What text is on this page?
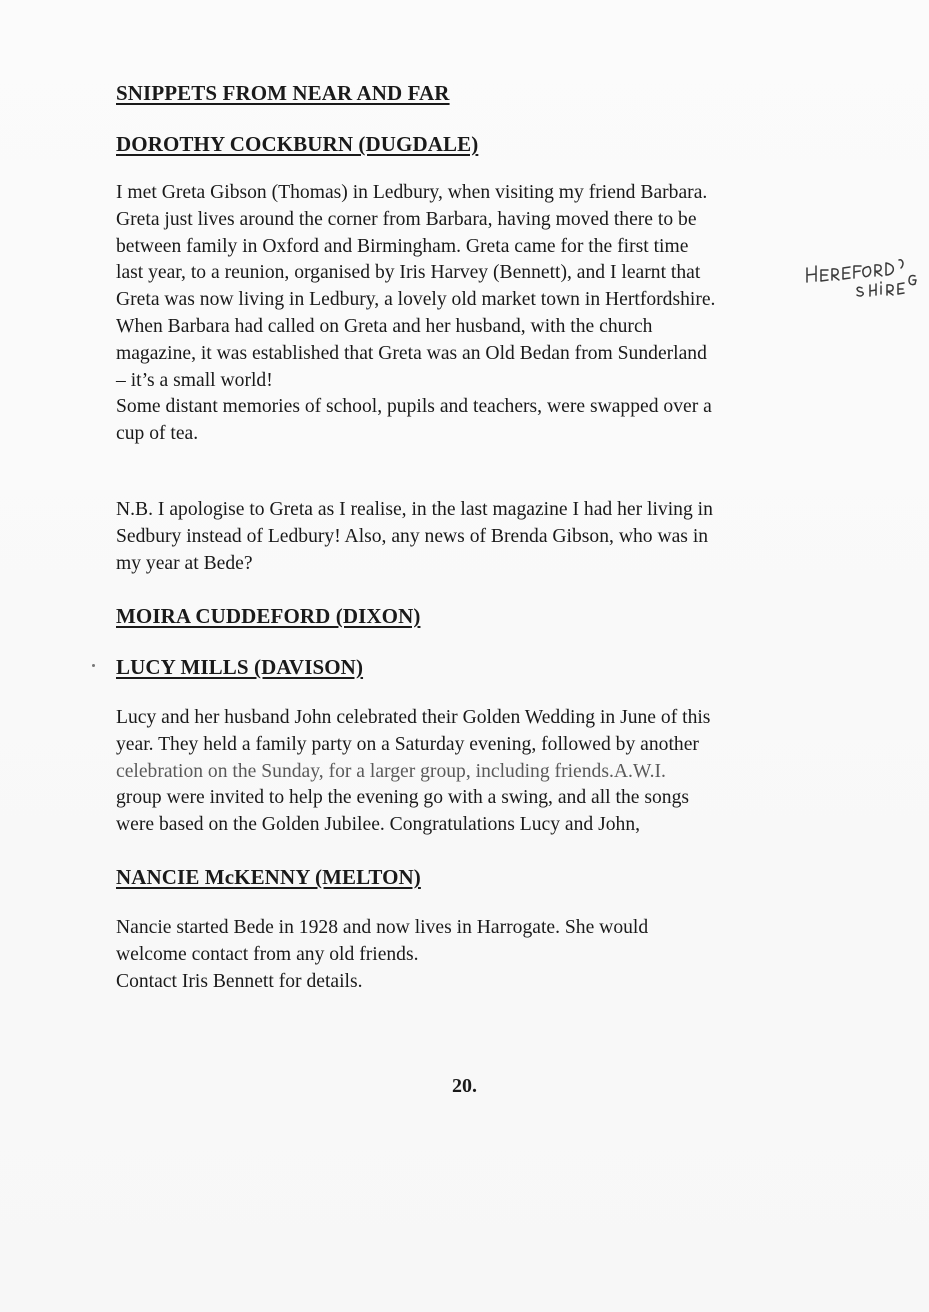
SNIPPETS FROM NEAR AND FAR
DOROTHY COCKBURN (DUGDALE)
I met Greta Gibson (Thomas) in Ledbury, when visiting my friend Barbara.
Greta just lives around the corner from Barbara, having moved there to be
between family in Oxford and Birmingham. Greta came for the first time
last year, to a reunion, organised by Iris Harvey (Bennett), and I learnt that
Greta was now living in Ledbury, a lovely old market town in Hertfordshire.
When Barbara had called on Greta and her husband, with the church
magazine, it was established that Greta was an Old Bedan from Sunderland
– it’s a small world!
Some distant memories of school, pupils and teachers, were swapped over a
cup of tea.
N.B. I apologise to Greta as I realise, in the last magazine I had her living in
Sedbury instead of Ledbury! Also, any news of Brenda Gibson, who was in
my year at Bede?
MOIRA CUDDEFORD (DIXON)
LUCY MILLS (DAVISON)
Lucy and her husband John celebrated their Golden Wedding in June of this
year. They held a family party on a Saturday evening, followed by another
celebration on the Sunday, for a larger group, including friends.A.W.I.
group were invited to help the evening go with a swing, and all the songs
were based on the Golden Jubilee. Congratulations Lucy and John,
NANCIE McKENNY (MELTON)
Nancie started Bede in 1928 and now lives in Harrogate. She would
welcome contact from any old friends.
Contact Iris Bennett for details.
20.
